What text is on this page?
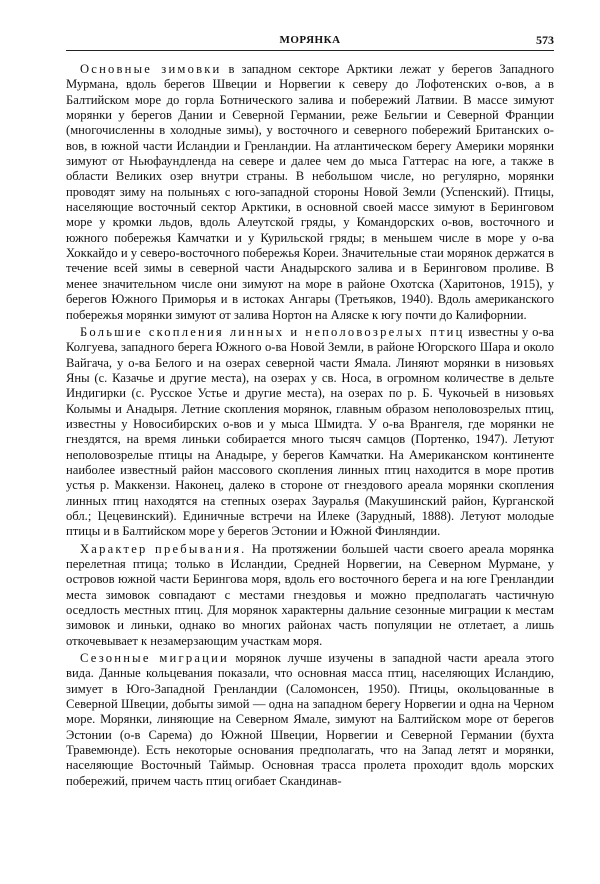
МОРЯНКА	573

Основные зимовки в западном секторе Арктики лежат у берегов Западного Мурмана, вдоль берегов Швеции и Норвегии к северу до Лофотенских о-вов, а в Балтийском море до горла Ботнического залива и побережий Латвии. В массе зимуют морянки у берегов Дании и Северной Германии, реже Бельгии и Северной Франции (многочисленны в холодные зимы), у восточного и северного побережий Британских о-вов, в южной части Исландии и Гренландии. На атлантическом берегу Америки морянки зимуют от Ньюфаундленда на севере и далее чем до мыса Гаттерас на юге, а также в области Великих озер внутри страны. В небольшом числе, но регулярно, морянки проводят зиму на полыньях с юго-западной стороны Новой Земли (Успенский). Птицы, населяющие восточный сектор Арктики, в основной своей массе зимуют в Беринговом море у кромки льдов, вдоль Алеутской гряды, у Командорских о-вов, восточного и южного побережья Камчатки и у Курильской гряды; в меньшем числе в море у о-ва Хоккайдо и у северо-восточного побережья Кореи. Значительные стаи морянок держатся в течение всей зимы в северной части Анадырского залива и в Беринговом проливе. В менее значительном числе они зимуют на море в районе Охотска (Харитонов, 1915), у берегов Южного Приморья и в истоках Ангары (Третьяков, 1940). Вдоль американского побережья морянки зимуют от залива Нортон на Аляске к югу почти до Калифорнии.

Большие скопления линных и неполовозрелых птиц известны у о-ва Колгуева, западного берега Южного о-ва Новой Земли, в районе Югорского Шара и около Вайгача, у о-ва Белого и на озерах северной части Ямала. Линяют морянки в низовьях Яны (с. Казачье и другие места), на озерах у св. Носа, в огромном количестве в дельте Индигирки (с. Русское Устье и другие места), на озерах по р. Б. Чукочьей в низовьях Колымы и Анадыря. Летние скопления морянок, главным образом неполовозрелых птиц, известны у Новосибирских о-вов и у мыса Шмидта. У о-ва Врангеля, где морянки не гнездятся, на время линьки собирается много тысяч самцов (Портенко, 1947). Летуют неполовозрелые птицы на Анадыре, у берегов Камчатки. На Американском континенте наиболее известный район массового скопления линных птиц находится в море против устья р. Маккензи. Наконец, далеко в стороне от гнездового ареала морянки скопления линных птиц находятся на степных озерах Зауралья (Макушинский район, Курганской обл.; Цецевинский). Единичные встречи на Илеке (Зарудный, 1888). Летуют молодые птицы и в Балтийском море у берегов Эстонии и Южной Финляндии.

Характер пребывания. На протяжении большей части своего ареала морянка перелетная птица; только в Исландии, Средней Норвегии, на Северном Мурмане, у островов южной части Берингова моря, вдоль его восточного берега и на юге Гренландии места зимовок совпадают с местами гнездовья и можно предполагать частичную оседлость местных птиц. Для морянок характерны дальние сезонные миграции к местам зимовок и линьки, однако во многих районах часть популяции не отлетает, а лишь откочевывает к незамерзающим участкам моря.

Сезонные миграции морянок лучше изучены в западной части ареала этого вида. Данные кольцевания показали, что основная масса птиц, населяющих Исландию, зимует в Юго-Западной Гренландии (Саломонсен, 1950). Птицы, окольцованные в Северной Швеции, добыты зимой — одна на западном берегу Норвегии и одна на Черном море. Морянки, линяющие на Северном Ямале, зимуют на Балтийском море от берегов Эстонии (о-в Сарема) до Южной Швеции, Норвегии и Северной Германии (бухта Травемюнде). Есть некоторые основания предполагать, что на Запад летят и морянки, населяющие Восточный Таймыр. Основная трасса пролета проходит вдоль морских побережий, причем часть птиц огибает Скандинав-
